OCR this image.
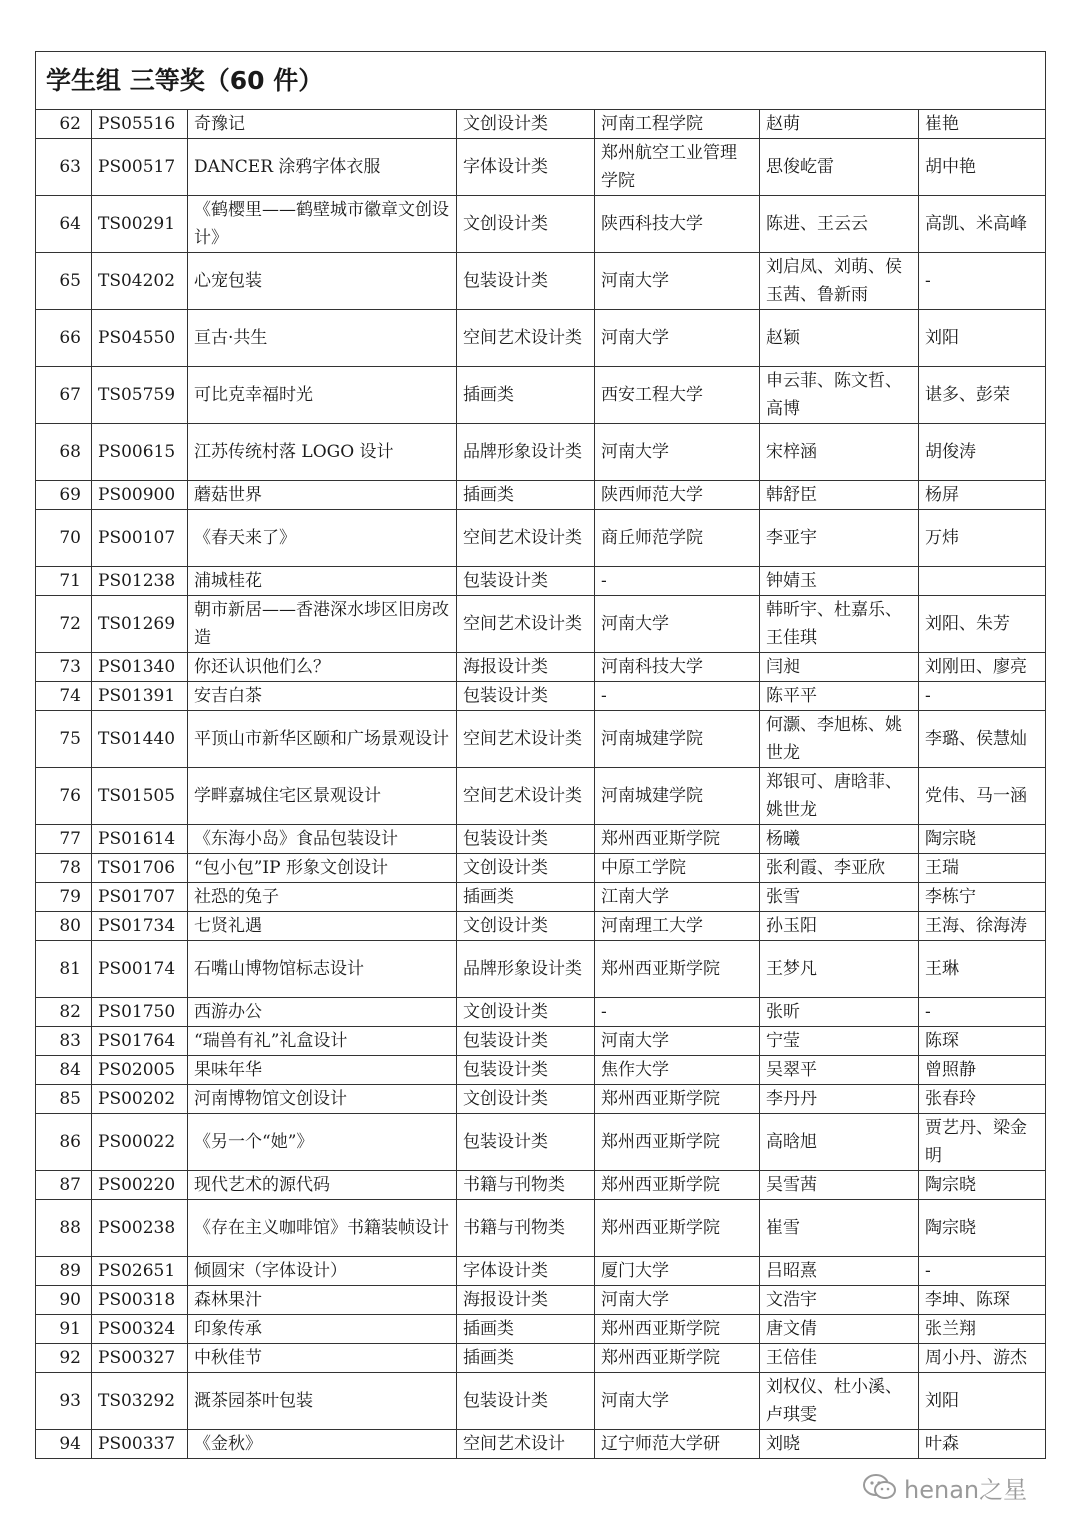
学生组 三等奖（60 件）						
62	PS05516	奇豫记	文创设计类	河南工程学院	赵萌	崔艳
63	PS00517	DANCER 涂鸦字体衣服	字体设计类	郑州航空工业管理学院	思俊屹雷	胡中艳
64	TS00291	《鹤樱里——鹤壁城市徽章文创设计》	文创设计类	陕西科技大学	陈进、王云云	高凯、米高峰
65	TS04202	心宠包装	包装设计类	河南大学	刘启凤、刘萌、侯玉茜、鲁新雨	-
66	PS04550	亘古·共生	空间艺术设计类	河南大学	赵颖	刘阳
67	TS05759	可比克幸福时光	插画类	西安工程大学	申云菲、陈文哲、高博	谌多、彭荣
68	PS00615	江苏传统村落 LOGO 设计	品牌形象设计类	河南大学	宋梓涵	胡俊涛
69	PS00900	蘑菇世界	插画类	陕西师范大学	韩舒臣	杨屏
70	PS00107	《春天来了》	空间艺术设计类	商丘师范学院	李亚宇	万炜
71	PS01238	浦城桂花	包装设计类	-	钟婧玉	
72	TS01269	朝市新居——香港深水埗区旧房改造	空间艺术设计类	河南大学	韩昕宇、杜嘉乐、王佳琪	刘阳、朱芳
73	PS01340	你还认识他们么？	海报设计类	河南科技大学	闫昶	刘刚田、廖亮
74	PS01391	安吉白茶	包装设计类	-	陈平平	-
75	TS01440	平顶山市新华区颐和广场景观设计	空间艺术设计类	河南城建学院	何灏、李旭栋、姚世龙	李璐、侯慧灿
76	TS01505	学畔嘉城住宅区景观设计	空间艺术设计类	河南城建学院	郑银可、唐晗菲、姚世龙	党伟、马一涵
77	PS01614	《东海小岛》食品包装设计	包装设计类	郑州西亚斯学院	杨曦	陶宗晓
78	TS01706	“包小包”IP 形象文创设计	文创设计类	中原工学院	张利霞、李亚欣	王瑞
79	PS01707	社恐的兔子	插画类	江南大学	张雪	李栋宁
80	PS01734	七贤礼遇	文创设计类	河南理工大学	孙玉阳	王海、徐海涛
81	PS00174	石嘴山博物馆标志设计	品牌形象设计类	郑州西亚斯学院	王梦凡	王琳
82	PS01750	西游办公	文创设计类	-	张昕	-
83	PS01764	“瑞兽有礼”礼盒设计	包装设计类	河南大学	宁莹	陈琛
84	PS02005	果味年华	包装设计类	焦作大学	吴翠平	曾照静
85	PS00202	河南博物馆文创设计	文创设计类	郑州西亚斯学院	李丹丹	张春玲
86	PS00022	《另一个“她”》	包装设计类	郑州西亚斯学院	高晗旭	贾艺丹、梁金明
87	PS00220	现代艺术的源代码	书籍与刊物类	郑州西亚斯学院	吴雪茜	陶宗晓
88	PS00238	《存在主义咖啡馆》书籍装帧设计	书籍与刊物类	郑州西亚斯学院	崔雪	陶宗晓
89	PS02651	倾圆宋（字体设计）	字体设计类	厦门大学	吕昭熹	-
90	PS00318	森林果汁	海报设计类	河南大学	文浩宇	李坤、陈琛
91	PS00324	印象传承	插画类	郑州西亚斯学院	唐文倩	张兰翔
92	PS00327	中秋佳节	插画类	郑州西亚斯学院	王倍佳	周小丹、游杰
93	TS03292	溉茶园茶叶包装	包装设计类	河南大学	刘权仪、杜小溪、卢琪雯	刘阳
94	PS00337	《金秋》	空间艺术设计	辽宁师范大学研	刘晓	叶森
henan之星
